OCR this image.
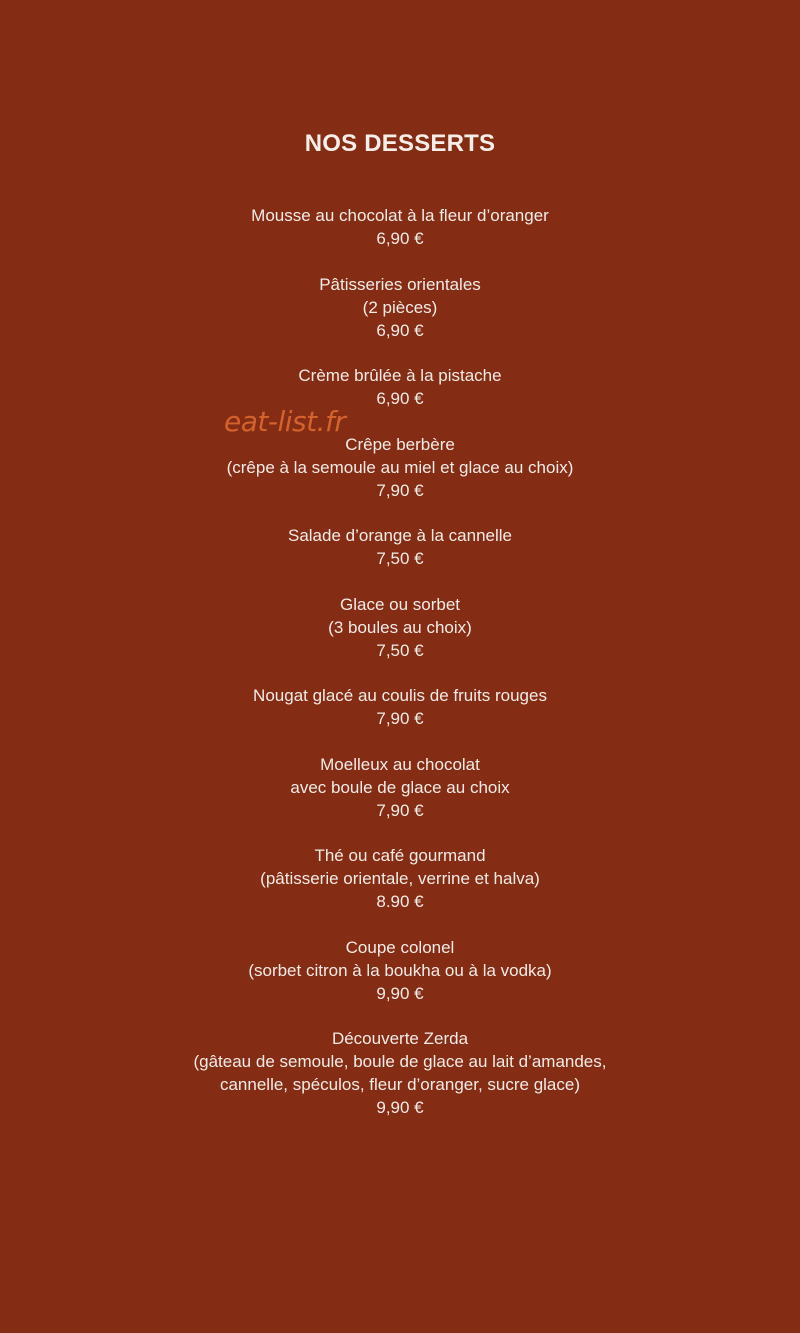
NOS DESSERTS
Mousse au chocolat à la fleur d’oranger
6,90 €
Pâtisseries orientales
(2 pièces)
6,90 €
Crème brûlée à la pistache
6,90 €
Crêpe berbère
(crêpe à la semoule au miel et glace au choix)
7,90 €
Salade d’orange à la cannelle
7,50 €
Glace ou sorbet
(3 boules au choix)
7,50 €
Nougat glacé au coulis de fruits rouges
7,90 €
Moelleux au chocolat
avec boule de glace au choix
7,90 €
Thé ou café gourmand
(pâtisserie orientale, verrine et halva)
8.90 €
Coupe colonel
(sorbet citron à la boukha ou à la vodka)
9,90 €
Découverte Zerda
(gâteau de semoule, boule de glace au lait d’amandes,
cannelle, spéculos, fleur d’oranger, sucre glace)
9,90 €
eat-list.fr
